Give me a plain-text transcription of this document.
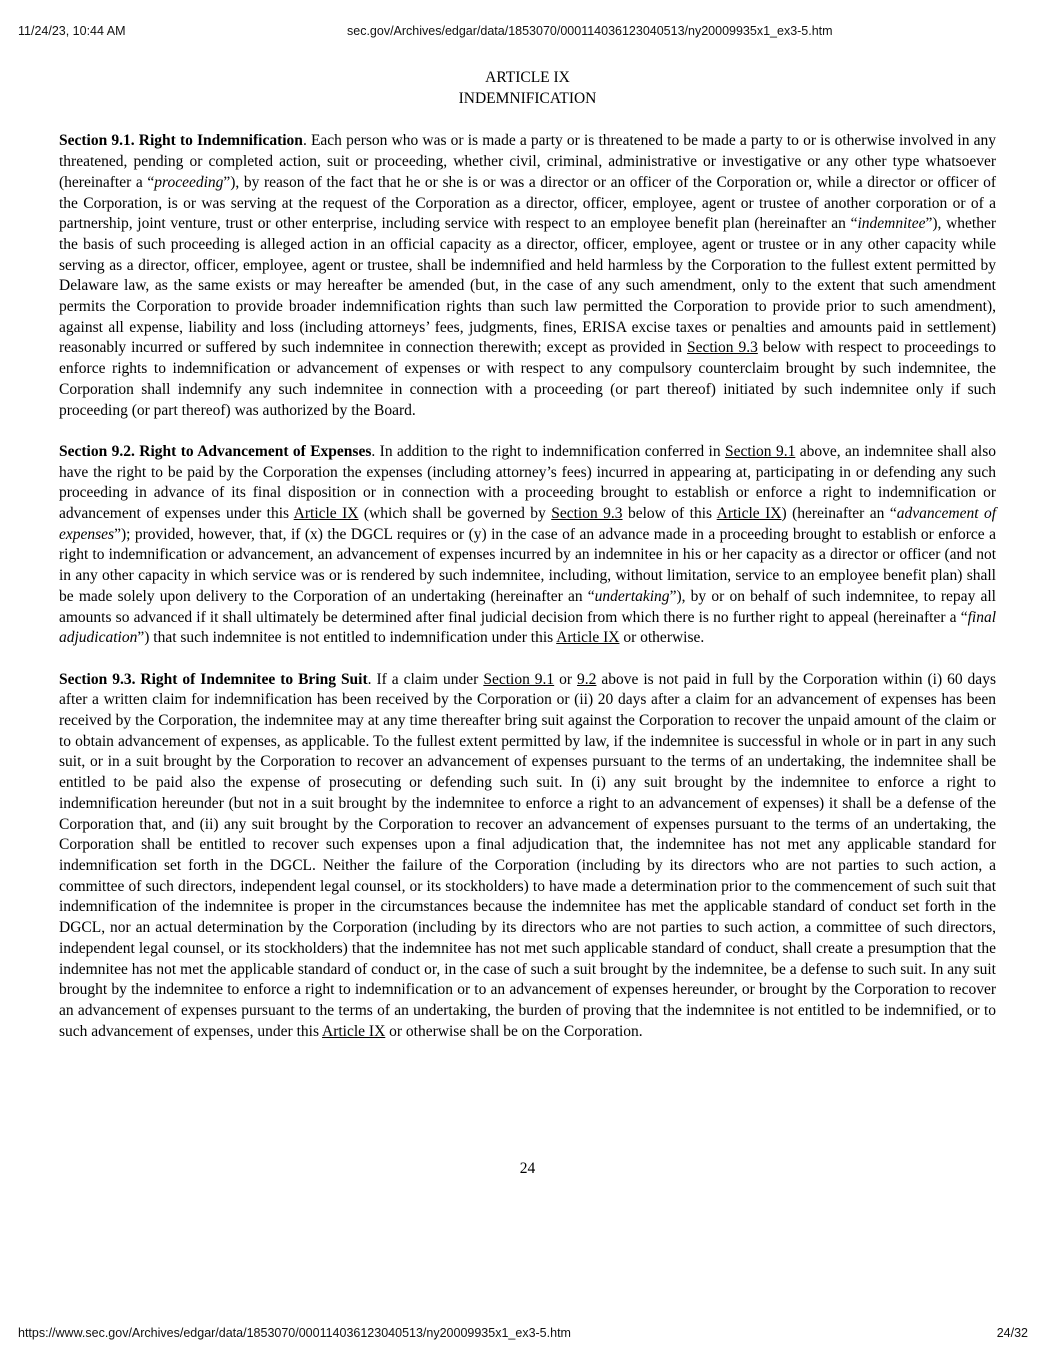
11/24/23, 10:44 AM	sec.gov/Archives/edgar/data/1853070/000114036123040513/ny20009935x1_ex3-5.htm
ARTICLE IX
INDEMNIFICATION

Section 9.1. Right to Indemnification. Each person who was or is made a party or is threatened to be made a party to or is otherwise involved in any threatened, pending or completed action, suit or proceeding, whether civil, criminal, administrative or investigative or any other type whatsoever (hereinafter a “proceeding”), by reason of the fact that he or she is or was a director or an officer of the Corporation or, while a director or officer of the Corporation, is or was serving at the request of the Corporation as a director, officer, employee, agent or trustee of another corporation or of a partnership, joint venture, trust or other enterprise, including service with respect to an employee benefit plan (hereinafter an “indemnitee”), whether the basis of such proceeding is alleged action in an official capacity as a director, officer, employee, agent or trustee or in any other capacity while serving as a director, officer, employee, agent or trustee, shall be indemnified and held harmless by the Corporation to the fullest extent permitted by Delaware law, as the same exists or may hereafter be amended (but, in the case of any such amendment, only to the extent that such amendment permits the Corporation to provide broader indemnification rights than such law permitted the Corporation to provide prior to such amendment), against all expense, liability and loss (including attorneys’ fees, judgments, fines, ERISA excise taxes or penalties and amounts paid in settlement) reasonably incurred or suffered by such indemnitee in connection therewith; except as provided in Section 9.3 below with respect to proceedings to enforce rights to indemnification or advancement of expenses or with respect to any compulsory counterclaim brought by such indemnitee, the Corporation shall indemnify any such indemnitee in connection with a proceeding (or part thereof) initiated by such indemnitee only if such proceeding (or part thereof) was authorized by the Board.

Section 9.2. Right to Advancement of Expenses. In addition to the right to indemnification conferred in Section 9.1 above, an indemnitee shall also have the right to be paid by the Corporation the expenses (including attorney’s fees) incurred in appearing at, participating in or defending any such proceeding in advance of its final disposition or in connection with a proceeding brought to establish or enforce a right to indemnification or advancement of expenses under this Article IX (which shall be governed by Section 9.3 below of this Article IX) (hereinafter an “advancement of expenses”); provided, however, that, if (x) the DGCL requires or (y) in the case of an advance made in a proceeding brought to establish or enforce a right to indemnification or advancement, an advancement of expenses incurred by an indemnitee in his or her capacity as a director or officer (and not in any other capacity in which service was or is rendered by such indemnitee, including, without limitation, service to an employee benefit plan) shall be made solely upon delivery to the Corporation of an undertaking (hereinafter an “undertaking”), by or on behalf of such indemnitee, to repay all amounts so advanced if it shall ultimately be determined after final judicial decision from which there is no further right to appeal (hereinafter a “final adjudication”) that such indemnitee is not entitled to indemnification under this Article IX or otherwise.

Section 9.3. Right of Indemnitee to Bring Suit. If a claim under Section 9.1 or 9.2 above is not paid in full by the Corporation within (i) 60 days after a written claim for indemnification has been received by the Corporation or (ii) 20 days after a claim for an advancement of expenses has been received by the Corporation, the indemnitee may at any time thereafter bring suit against the Corporation to recover the unpaid amount of the claim or to obtain advancement of expenses, as applicable. To the fullest extent permitted by law, if the indemnitee is successful in whole or in part in any such suit, or in a suit brought by the Corporation to recover an advancement of expenses pursuant to the terms of an undertaking, the indemnitee shall be entitled to be paid also the expense of prosecuting or defending such suit. In (i) any suit brought by the indemnitee to enforce a right to indemnification hereunder (but not in a suit brought by the indemnitee to enforce a right to an advancement of expenses) it shall be a defense of the Corporation that, and (ii) any suit brought by the Corporation to recover an advancement of expenses pursuant to the terms of an undertaking, the Corporation shall be entitled to recover such expenses upon a final adjudication that, the indemnitee has not met any applicable standard for indemnification set forth in the DGCL. Neither the failure of the Corporation (including by its directors who are not parties to such action, a committee of such directors, independent legal counsel, or its stockholders) to have made a determination prior to the commencement of such suit that indemnification of the indemnitee is proper in the circumstances because the indemnitee has met the applicable standard of conduct set forth in the DGCL, nor an actual determination by the Corporation (including by its directors who are not parties to such action, a committee of such directors, independent legal counsel, or its stockholders) that the indemnitee has not met such applicable standard of conduct, shall create a presumption that the indemnitee has not met the applicable standard of conduct or, in the case of such a suit brought by the indemnitee, be a defense to such suit. In any suit brought by the indemnitee to enforce a right to indemnification or to an advancement of expenses hereunder, or brought by the Corporation to recover an advancement of expenses pursuant to the terms of an undertaking, the burden of proving that the indemnitee is not entitled to be indemnified, or to such advancement of expenses, under this Article IX or otherwise shall be on the Corporation.

24
https://www.sec.gov/Archives/edgar/data/1853070/000114036123040513/ny20009935x1_ex3-5.htm	24/32
